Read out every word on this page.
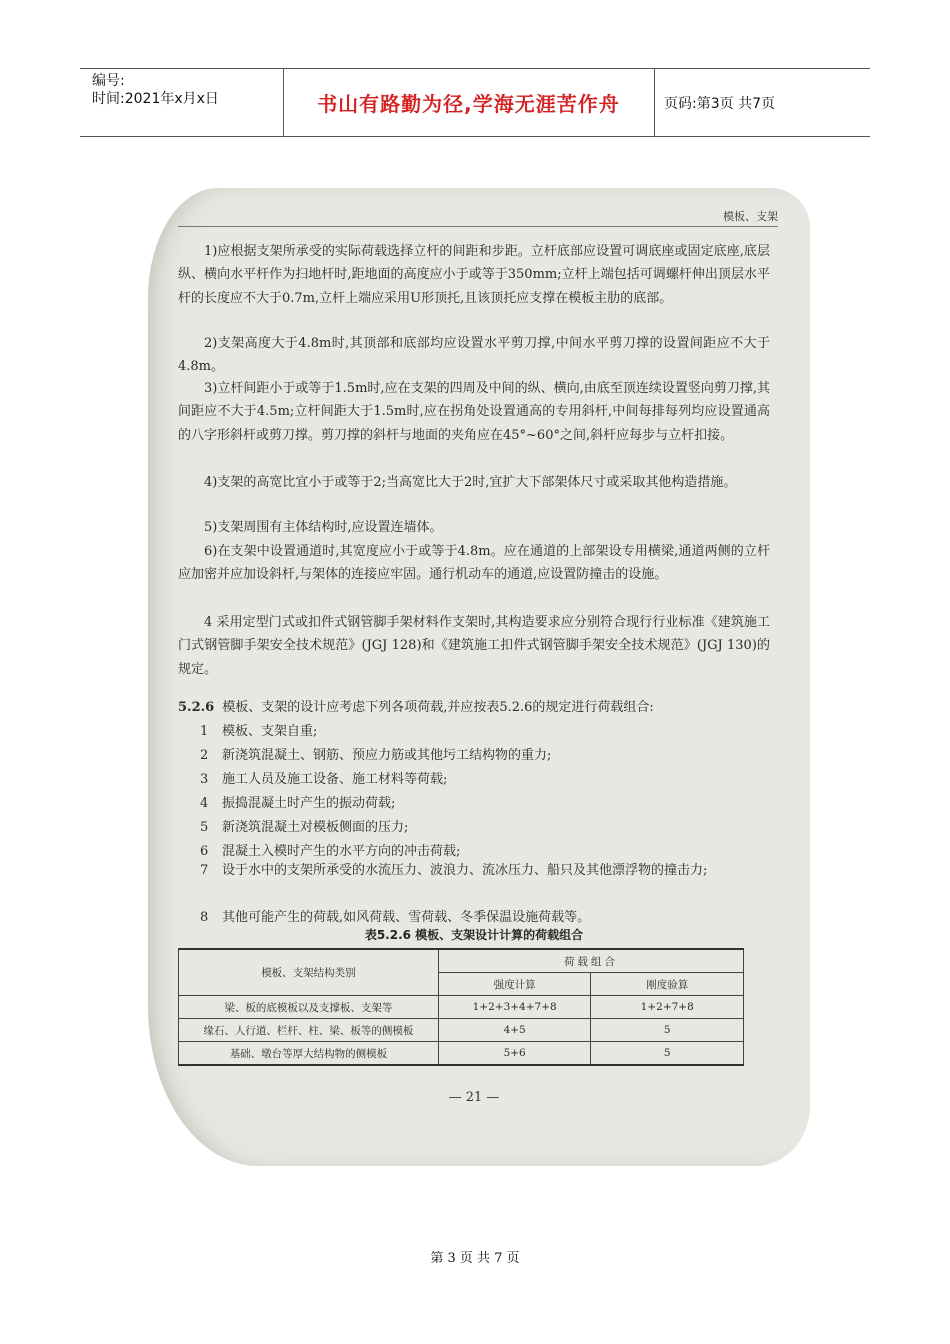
编号:
时间:2021年x月x日	书山有路勤为径,学海无涯苦作舟	页码:第3页 共7页
模板、支架
1)应根据支架所承受的实际荷载选择立杆的间距和步距。立杆底部应设置可调底座或固定底座,底层纵、横向水平杆作为扫地杆时,距地面的高度应小于或等于350mm;立杆上端包括可调螺杆伸出顶层水平杆的长度应不大于0.7m,立杆上端应采用U形顶托,且该顶托应支撑在模板主肋的底部。
2)支架高度大于4.8m时,其顶部和底部均应设置水平剪刀撑,中间水平剪刀撑的设置间距应不大于4.8m。
3)立杆间距小于或等于1.5m时,应在支架的四周及中间的纵、横向,由底至顶连续设置竖向剪刀撑,其间距应不大于4.5m;立杆间距大于1.5m时,应在拐角处设置通高的专用斜杆,中间每排每列均应设置通高的八字形斜杆或剪刀撑。剪刀撑的斜杆与地面的夹角应在45°~60°之间,斜杆应每步与立杆扣接。
4)支架的高宽比宜小于或等于2;当高宽比大于2时,宜扩大下部架体尺寸或采取其他构造措施。
5)支架周围有主体结构时,应设置连墙体。
6)在支架中设置通道时,其宽度应小于或等于4.8m。应在通道的上部架设专用横梁,通道两侧的立杆应加密并应加设斜杆,与架体的连接应牢固。通行机动车的通道,应设置防撞击的设施。
4 采用定型门式或扣件式钢管脚手架材料作支架时,其构造要求应分别符合现行行业标准《建筑施工门式钢管脚手架安全技术规范》(JGJ 128)和《建筑施工扣件式钢管脚手架安全技术规范》(JGJ 130)的规定。
5.2.6 模板、支架的设计应考虑下列各项荷载,并应按表5.2.6的规定进行荷载组合:
1 模板、支架自重;
2 新浇筑混凝土、钢筋、预应力筋或其他圬工结构物的重力;
3 施工人员及施工设备、施工材料等荷载;
4 振捣混凝土时产生的振动荷载;
5 新浇筑混凝土对模板侧面的压力;
6 混凝土入模时产生的水平方向的冲击荷载;
7 设于水中的支架所承受的水流压力、波浪力、流冰压力、船只及其他漂浮物的撞击力;
8 其他可能产生的荷载,如风荷载、雪荷载、冬季保温设施荷载等。
表5.2.6 模板、支架设计计算的荷载组合
模板、支架结构类别	荷载组合	
	强度计算	刚度验算
梁、板的底模板以及支撑板、支架等	1+2+3+4+7+8	1+2+7+8
缘石、人行道、栏杆、柱、梁、板等的侧模板	4+5	5
基础、墩台等厚大结构物的侧模板	5+6	5
— 21 —
第 3 页 共 7 页
